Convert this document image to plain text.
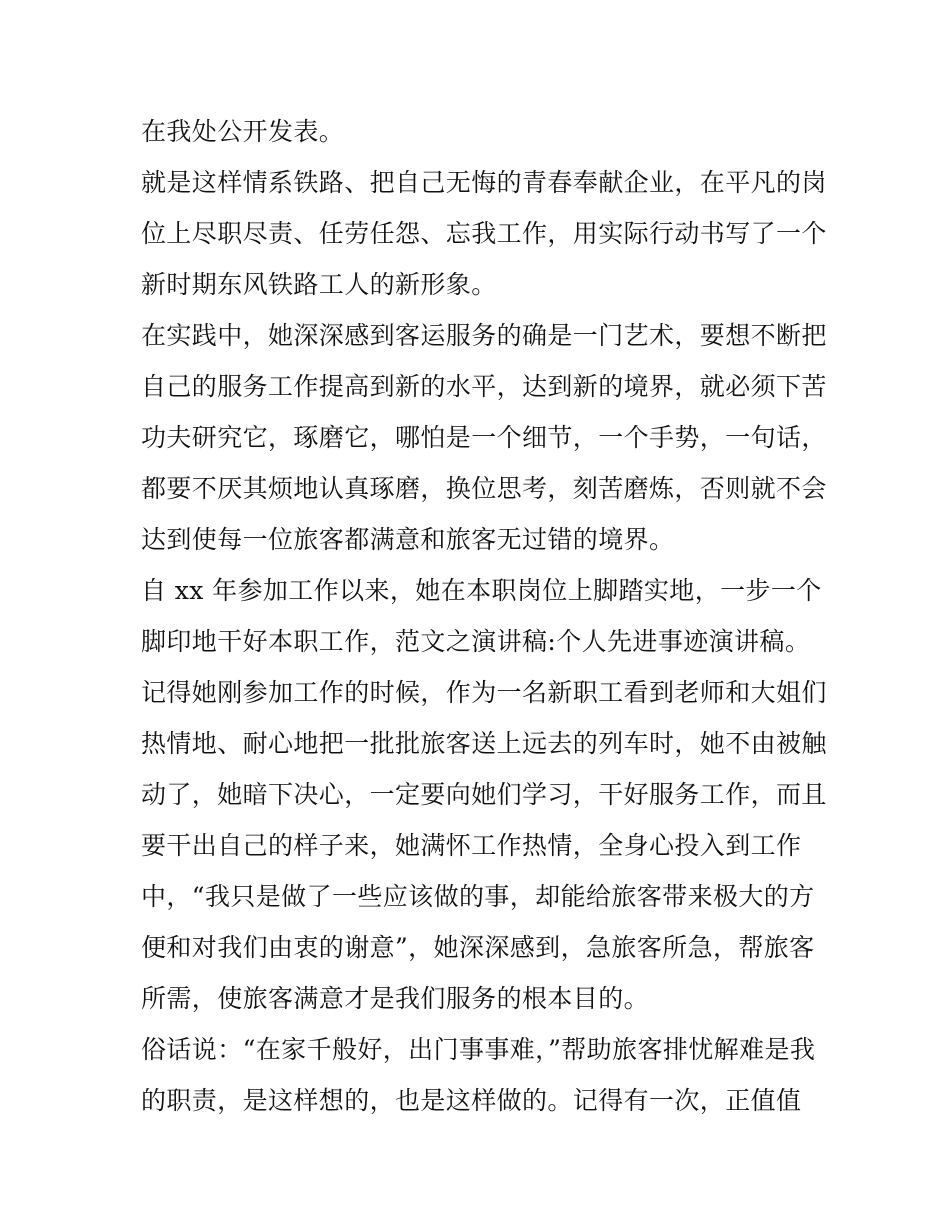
在我处公开发表。
就是这样情系铁路、把自己无悔的青春奉献企业，在平凡的岗
位上尽职尽责、任劳任怨、忘我工作，用实际行动书写了一个
新时期东风铁路工人的新形象。
在实践中，她深深感到客运服务的确是一门艺术，要想不断把
自己的服务工作提高到新的水平，达到新的境界，就必须下苦
功夫研究它，琢磨它，哪怕是一个细节，一个手势，一句话，
都要不厌其烦地认真琢磨，换位思考，刻苦磨炼，否则就不会
达到使每一位旅客都满意和旅客无过错的境界。
自 xx 年参加工作以来，她在本职岗位上脚踏实地，一步一个
脚印地干好本职工作，范文之演讲稿:个人先进事迹演讲稿。
记得她刚参加工作的时候，作为一名新职工看到老师和大姐们
热情地、耐心地把一批批旅客送上远去的列车时，她不由被触
动了，她暗下决心，一定要向她们学习，干好服务工作，而且
要干出自己的样子来，她满怀工作热情，全身心投入到工作
中，“我只是做了一些应该做的事，却能给旅客带来极大的方
便和对我们由衷的谢意”，她深深感到，急旅客所急，帮旅客
所需，使旅客满意才是我们服务的根本目的。
俗话说：“在家千般好，出门事事难，”帮助旅客排忧解难是我
的职责，是这样想的，也是这样做的。记得有一次，正值值
